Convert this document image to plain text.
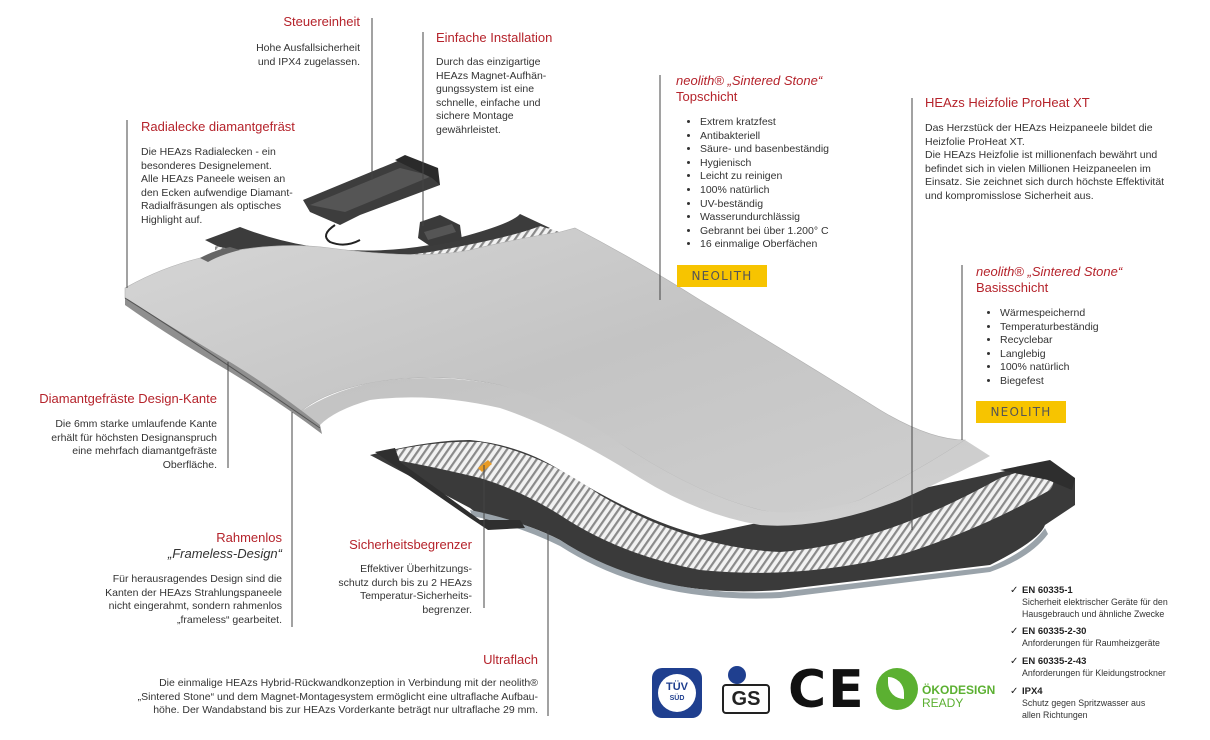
Steuereinheit
Hohe Ausfallsicherheit
und IPX4 zugelassen.
Einfache Installation
Durch das einzigartige
HEAzs Magnet-Aufhän-
gungssystem ist eine
schnelle, einfache und
sichere Montage
gewährleistet.
Radialecke diamantgefräst
Die HEAzs Radialecken - ein
besonderes Designelement.
Alle HEAzs Paneele weisen an
den Ecken aufwendige Diamant-
Radialfräsungen als optisches
Highlight auf.
neolith® „Sintered Stone“
Topschicht
• Extrem kratzfest
• Antibakteriell
• Säure- und basenbeständig
• Hygienisch
• Leicht zu reinigen
• 100% natürlich
• UV-beständig
• Wasserundurchlässig
• Gebrannt bei über 1.200° C
• 16 einmalige Oberfächen
NEOLITH
HEAzs Heizfolie ProHeat XT
Das Herzstück der HEAzs Heizpaneele bildet die
Heizfolie ProHeat XT.
Die HEAzs Heizfolie ist millionenfach bewährt und
befindet sich in vielen Millionen Heizpaneelen im
Einsatz. Sie zeichnet sich durch höchste Effektivität
und kompromisslose Sicherheit aus.
neolith® „Sintered Stone“
Basisschicht
• Wärmespeichernd
• Temperaturbeständig
• Recyclebar
• Langlebig
• 100% natürlich
• Biegefest
NEOLITH
Diamantgefräste Design-Kante
Die 6mm starke umlaufende Kante
erhält für höchsten Designanspruch
eine mehrfach diamantgefräste
Oberfläche.
Rahmenlos
„Frameless-Design“
Für herausragendes Design sind die
Kanten der HEAzs Strahlungspaneele
nicht eingerahmt, sondern rahmenlos
„frameless“ gearbeitet.
Sicherheitsbegrenzer
Effektiver Überhitzungs-
schutz durch bis zu 2 HEAzs
Temperatur-Sicherheits-
begrenzer.
Ultraflach
Die einmalige HEAzs Hybrid-Rückwandkonzeption in Verbindung mit der neolith®
„Sintered Stone“ und dem Magnet-Montagesystem ermöglicht eine ultraflache Aufbau-
höhe. Der Wandabstand bis zur HEAzs Vorderkante beträgt nur ultraflache 29 mm.
TÜV
SÜD	GS CE	ÖKODESIGN
READY
✓ EN 60335-1
Sicherheit elektrischer Geräte für den
Hausgebrauch und ähnliche Zwecke
✓ EN 60335-2-30
Anforderungen für Raumheizgeräte
✓ EN 60335-2-43
Anforderungen für Kleidungstrockner
✓ IPX4
Schutz gegen Spritzwasser aus
allen Richtungen
